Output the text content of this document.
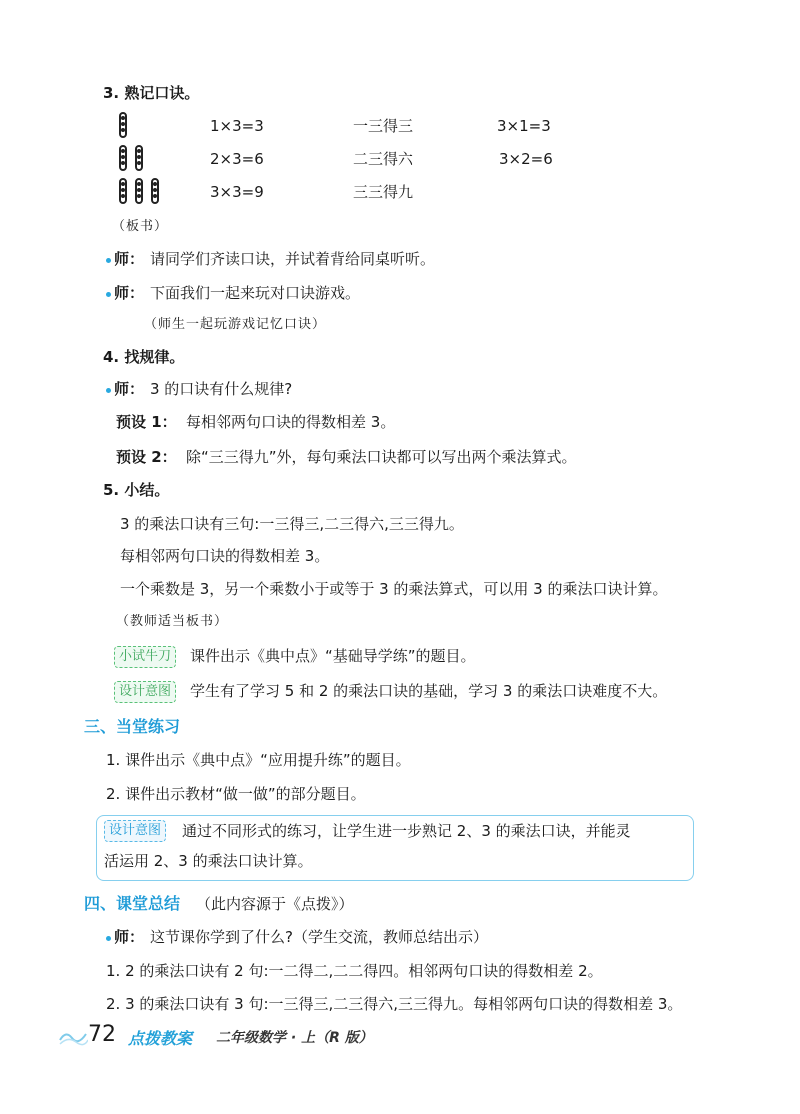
3. 熟记口诀。
1×3=3	一三得三	3×1=3
2×3=6	二三得六	3×2=6
3×3=9	三三得九
（板书）
师： 请同学们齐读口诀，并试着背给同桌听听。
师： 下面我们一起来玩对口诀游戏。
（师生一起玩游戏记忆口诀）
4. 找规律。
师： 3 的口诀有什么规律?
预设 1： 每相邻两句口诀的得数相差 3。
预设 2： 除“三三得九”外，每句乘法口诀都可以写出两个乘法算式。
5. 小结。
3 的乘法口诀有三句:一三得三,二三得六,三三得九。
每相邻两句口诀的得数相差 3。
一个乘数是 3，另一个乘数小于或等于 3 的乘法算式，可以用 3 的乘法口诀计算。
（教师适当板书）
小试牛刀	课件出示《典中点》“基础导学练”的题目。
设计意图	学生有了学习 5 和 2 的乘法口诀的基础，学习 3 的乘法口诀难度不大。
三、当堂练习
1. 课件出示《典中点》“应用提升练”的题目。
2. 课件出示教材“做一做”的部分题目。
设计意图	通过不同形式的练习，让学生进一步熟记 2、3 的乘法口诀，并能灵
活运用 2、3 的乘法口诀计算。
四、课堂总结 （此内容源于《点拨》）
师： 这节课你学到了什么?（学生交流，教师总结出示）
1. 2 的乘法口诀有 2 句:一二得二,二二得四。相邻两句口诀的得数相差 2。
2. 3 的乘法口诀有 3 句:一三得三,二三得六,三三得九。每相邻两句口诀的得数相差 3。
72 点拨教案 二年级数学 · 上（R 版）
